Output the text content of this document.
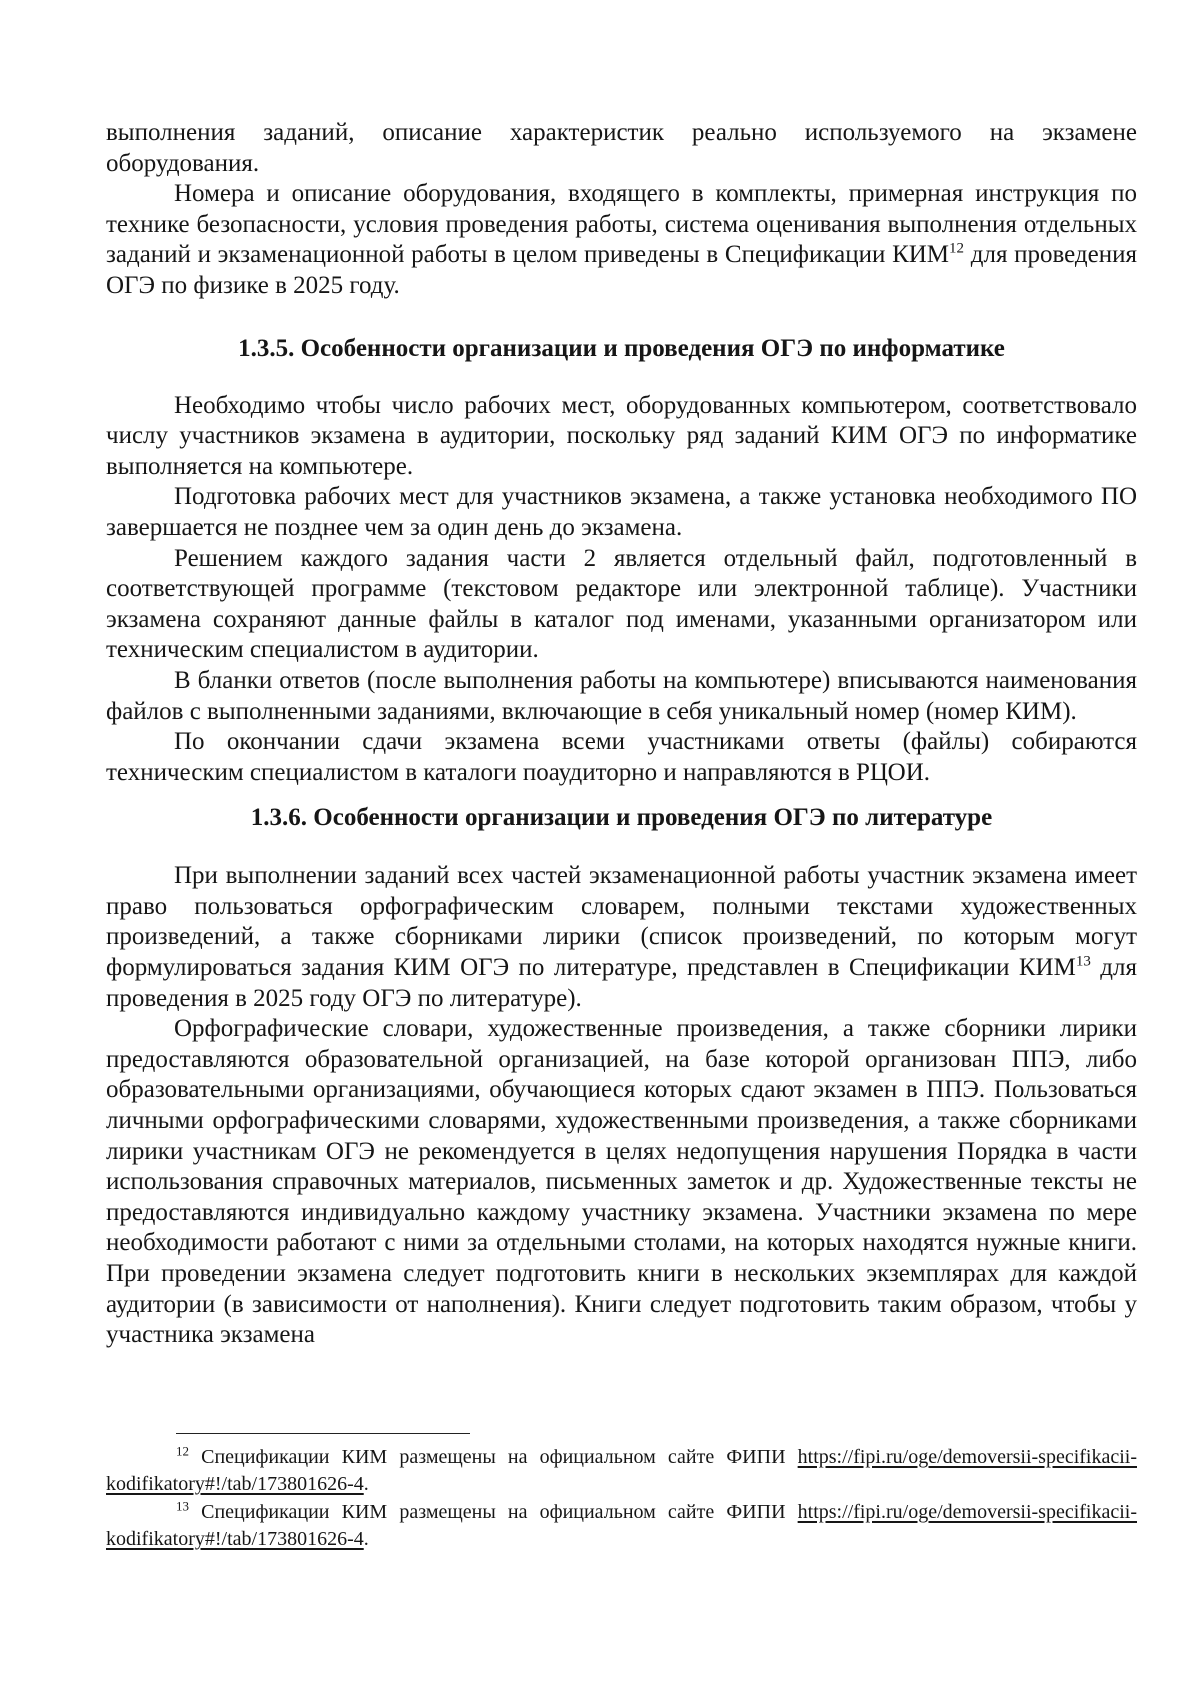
выполнения заданий, описание характеристик реально используемого на экзамене оборудования.

Номера и описание оборудования, входящего в комплекты, примерная инструкция по технике безопасности, условия проведения работы, система оценивания выполнения отдельных заданий и экзаменационной работы в целом приведены в Спецификации КИМ$^{12}$ для проведения ОГЭ по физике в 2025 году.

1.3.5. Особенности организации и проведения ОГЭ по информатике

Необходимо чтобы число рабочих мест, оборудованных компьютером, соответствовало числу участников экзамена в аудитории, поскольку ряд заданий КИМ ОГЭ по информатике выполняется на компьютере.

Подготовка рабочих мест для участников экзамена, а также установка необходимого ПО завершается не позднее чем за один день до экзамена.

Решением каждого задания части 2 является отдельный файл, подготовленный в соответствующей программе (текстовом редакторе или электронной таблице). Участники экзамена сохраняют данные файлы в каталог под именами, указанными организатором или техническим специалистом в аудитории.

В бланки ответов (после выполнения работы на компьютере) вписываются наименования файлов с выполненными заданиями, включающие в себя уникальный номер (номер КИМ).

По окончании сдачи экзамена всеми участниками ответы (файлы) собираются техническим специалистом в каталоги поаудиторно и направляются в РЦОИ.

1.3.6. Особенности организации и проведения ОГЭ по литературе

При выполнении заданий всех частей экзаменационной работы участник экзамена имеет право пользоваться орфографическим словарем, полными текстами художественных произведений, а также сборниками лирики (список произведений, по которым могут формулироваться задания КИМ ОГЭ по литературе, представлен в Спецификации КИМ$^{13}$ для проведения в 2025 году ОГЭ по литературе).

Орфографические словари, художественные произведения, а также сборники лирики предоставляются образовательной организацией, на базе которой организован ППЭ, либо образовательными организациями, обучающиеся которых сдают экзамен в ППЭ. Пользоваться личными орфографическими словарями, художественными произведения, а также сборниками лирики участникам ОГЭ не рекомендуется в целях недопущения нарушения Порядка в части использования справочных материалов, письменных заметок и др. Художественные тексты не предоставляются индивидуально каждому участнику экзамена. Участники экзамена по мере необходимости работают с ними за отдельными столами, на которых находятся нужные книги. При проведении экзамена следует подготовить книги в нескольких экземплярах для каждой аудитории (в зависимости от наполнения). Книги следует подготовить таким образом, чтобы у участника экзамена

$^{12}$ Спецификации КИМ размещены на официальном сайте ФИПИ https://fipi.ru/oge/demoversii-specifikacii-kodifikatory#!/tab/173801626-4.

$^{13}$ Спецификации КИМ размещены на официальном сайте ФИПИ https://fipi.ru/oge/demoversii-specifikacii-kodifikatory#!/tab/173801626-4.
